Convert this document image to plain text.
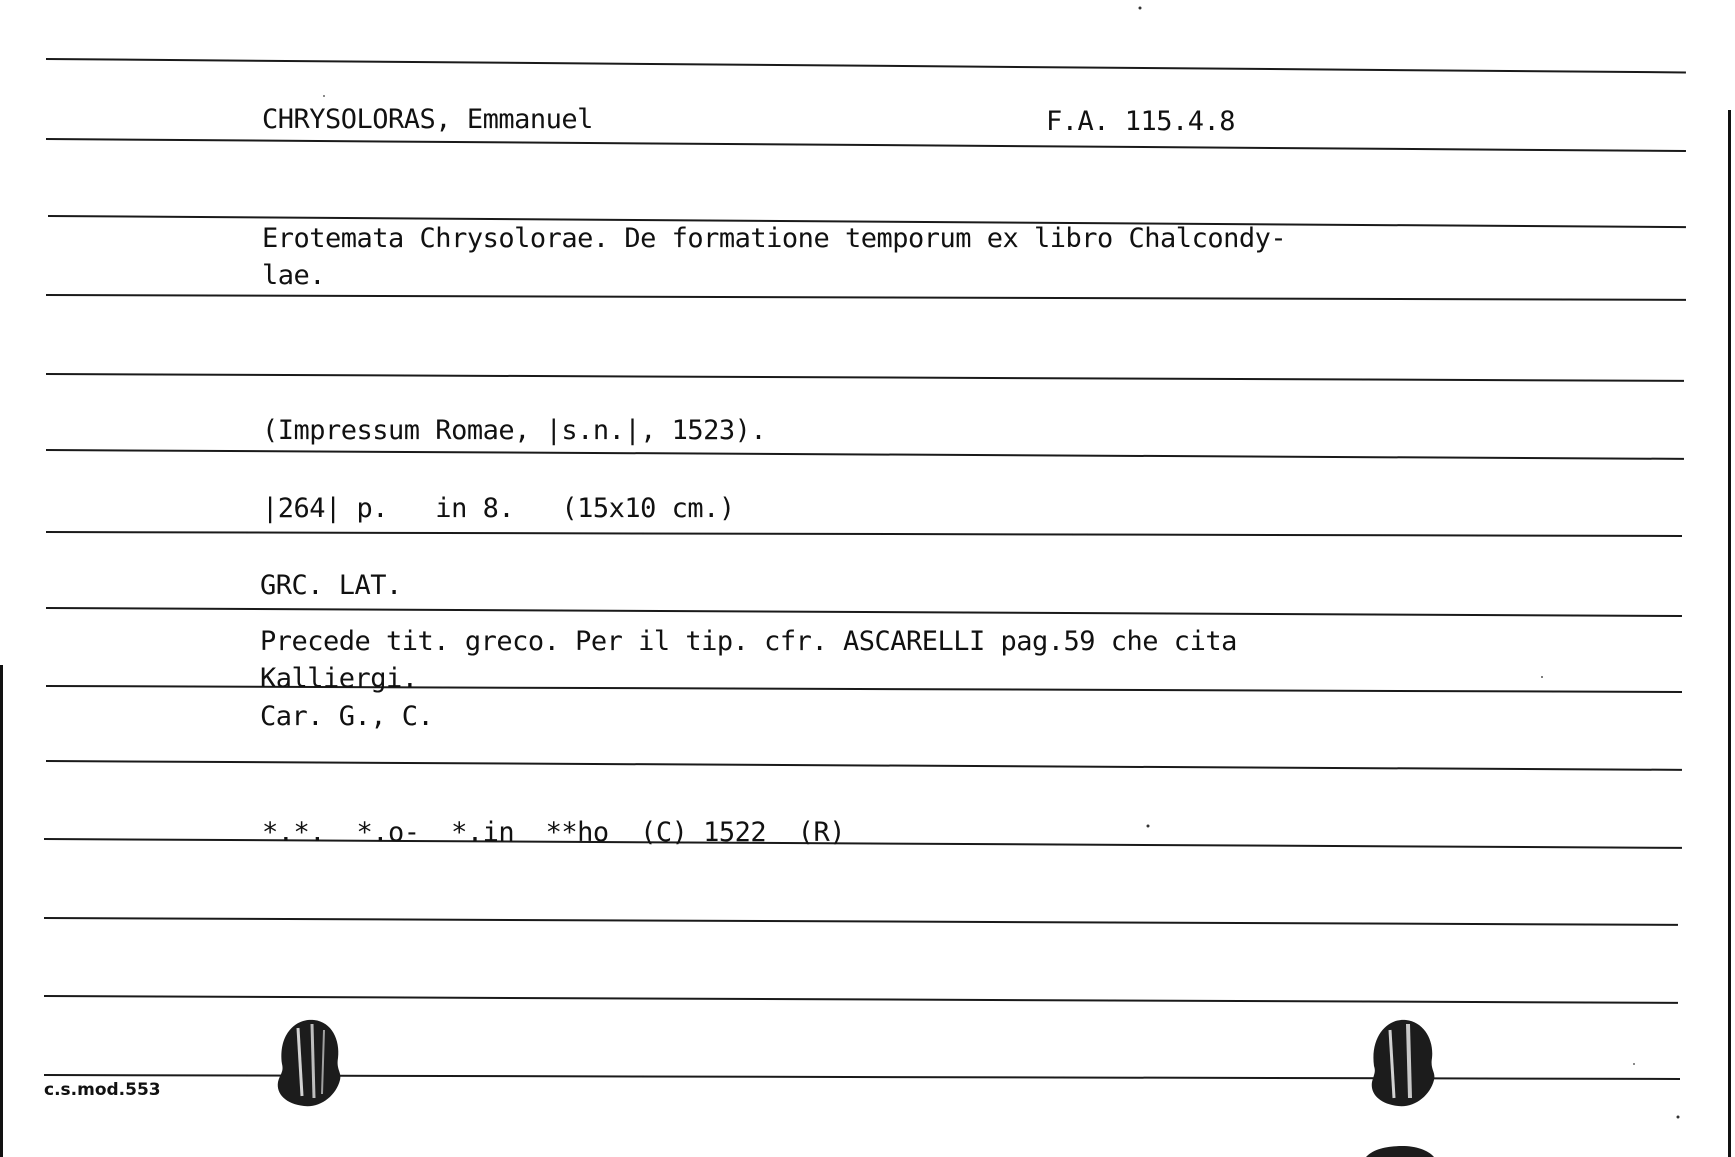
CHRYSOLORAS, Emmanuel	F.A. 115.4.8
Erotemata Chrysolorae. De formatione temporum ex libro Chalcondy-
lae.
(Impressum Romae, |s.n.|, 1523).
|264| p.   in 8.   (15x10 cm.)
GRC. LAT.
Precede tit. greco. Per il tip. cfr. ASCARELLI pag.59 che cita
Kalliergi.
Car. G., C.
*.*.  *.o-  *.in  **ho  (C) 1522  (R)
c.s.mod.553
